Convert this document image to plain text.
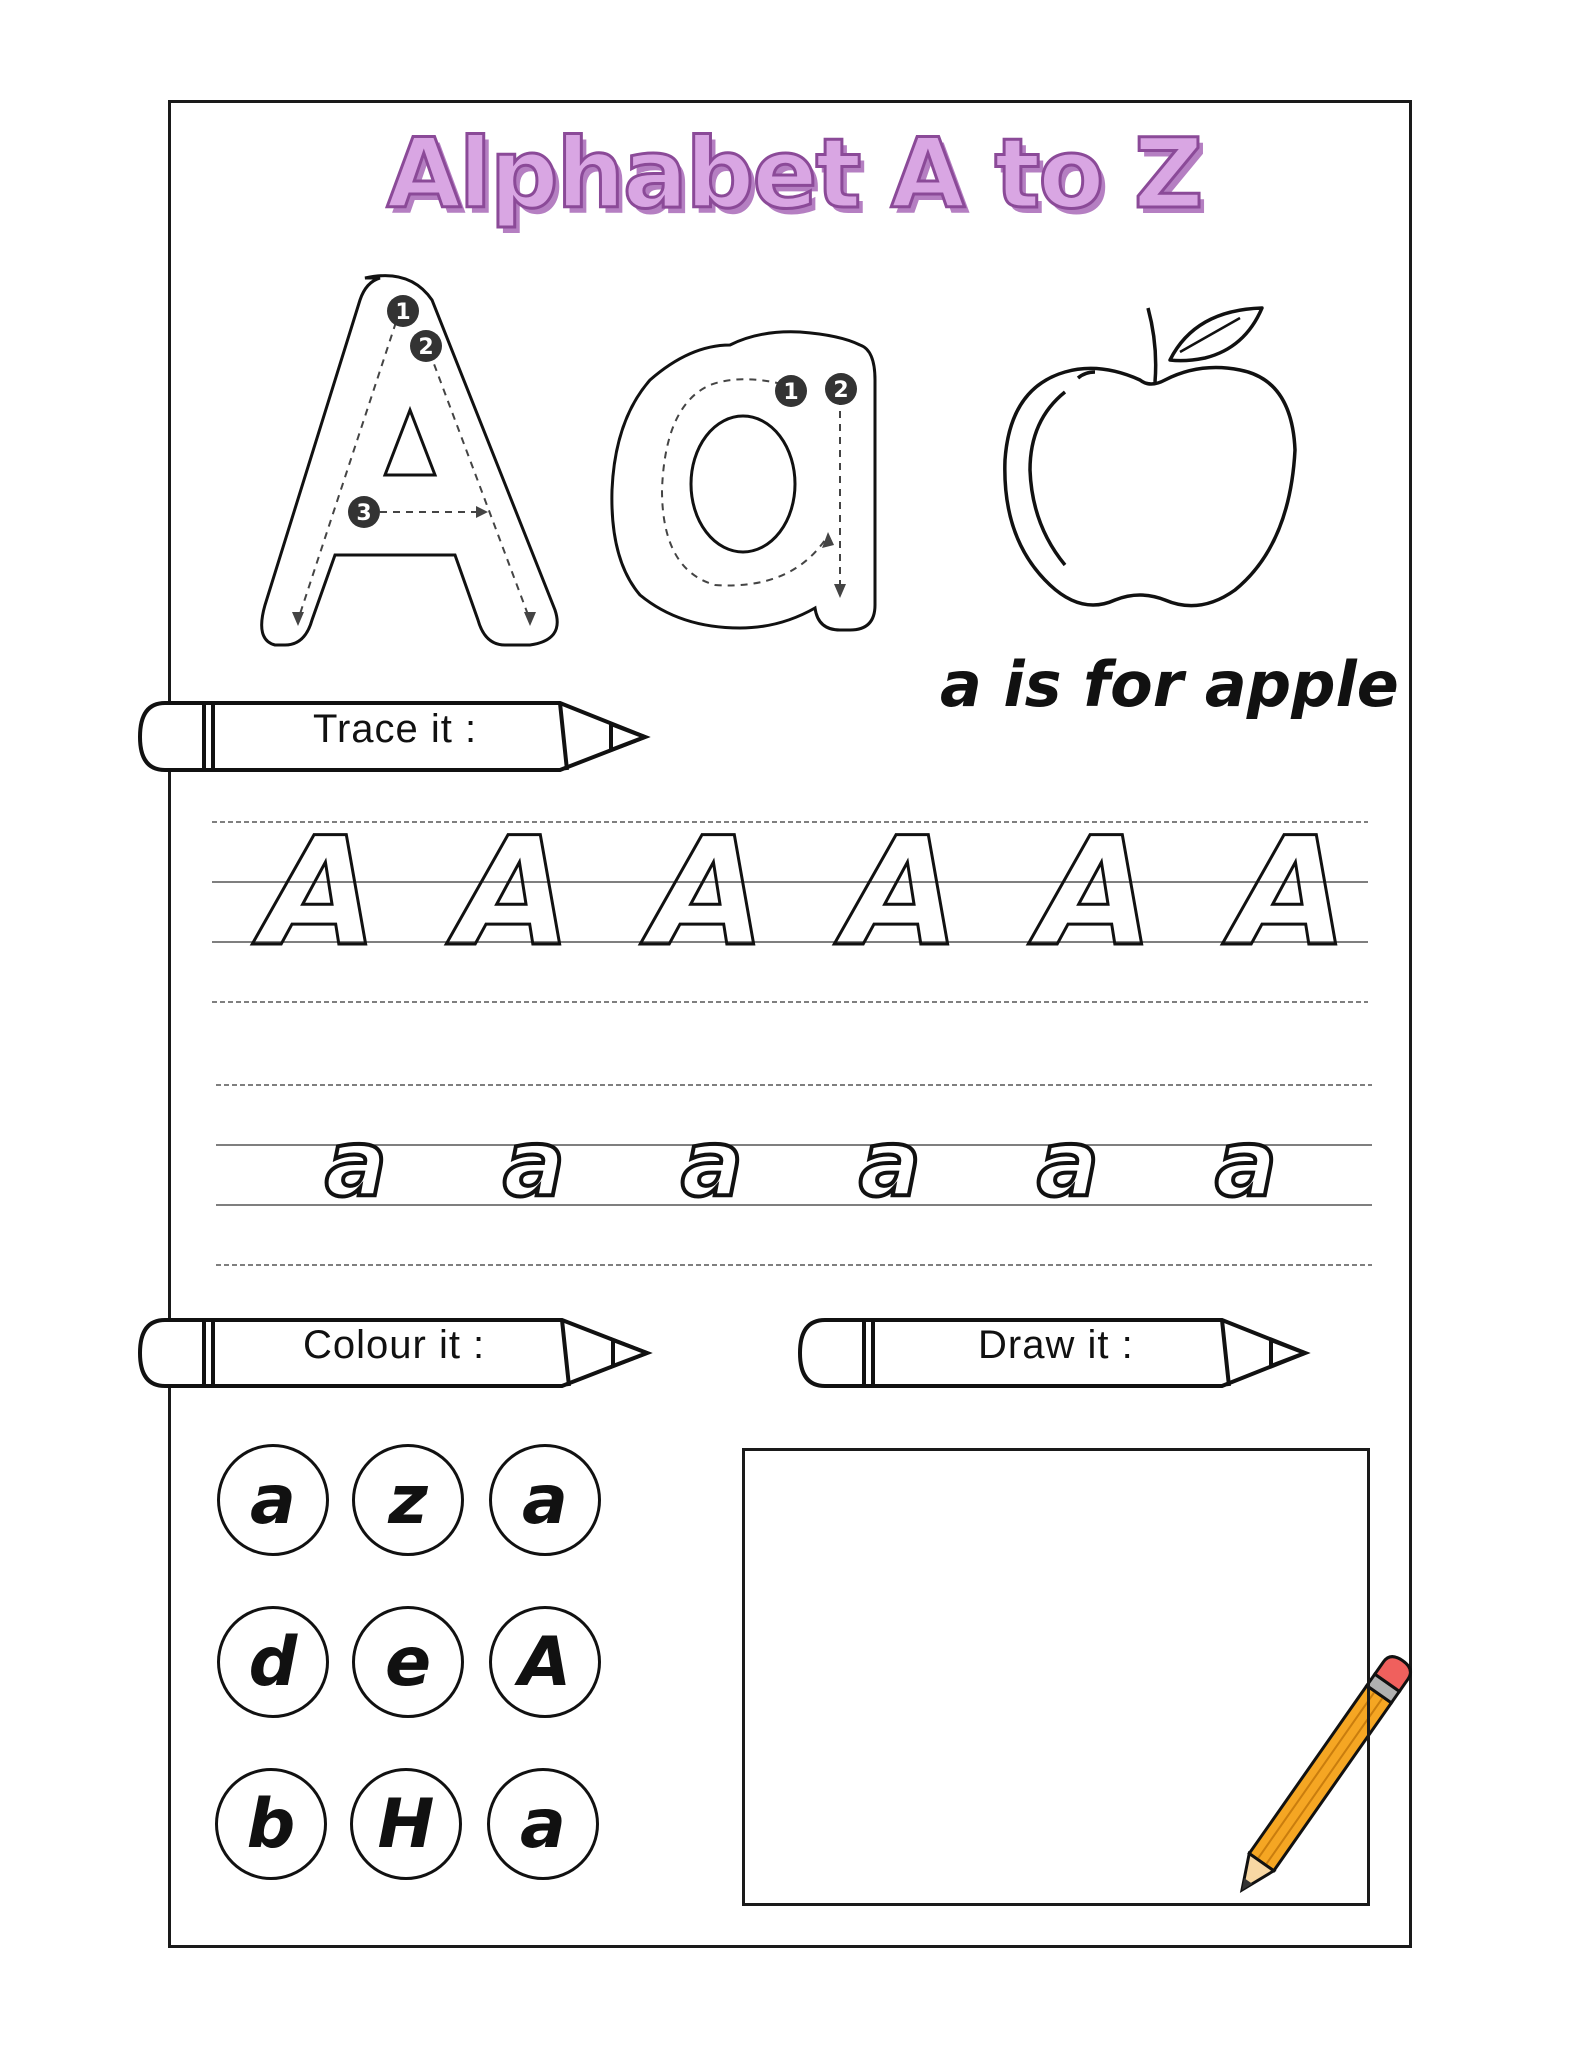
Alphabet A to Z
1
2
3
1 2
a is for apple
Trace it :
Colour it :	Draw it :
A A A A A A
a a a a a a
a	z	a
d	e	A
b	H	a
